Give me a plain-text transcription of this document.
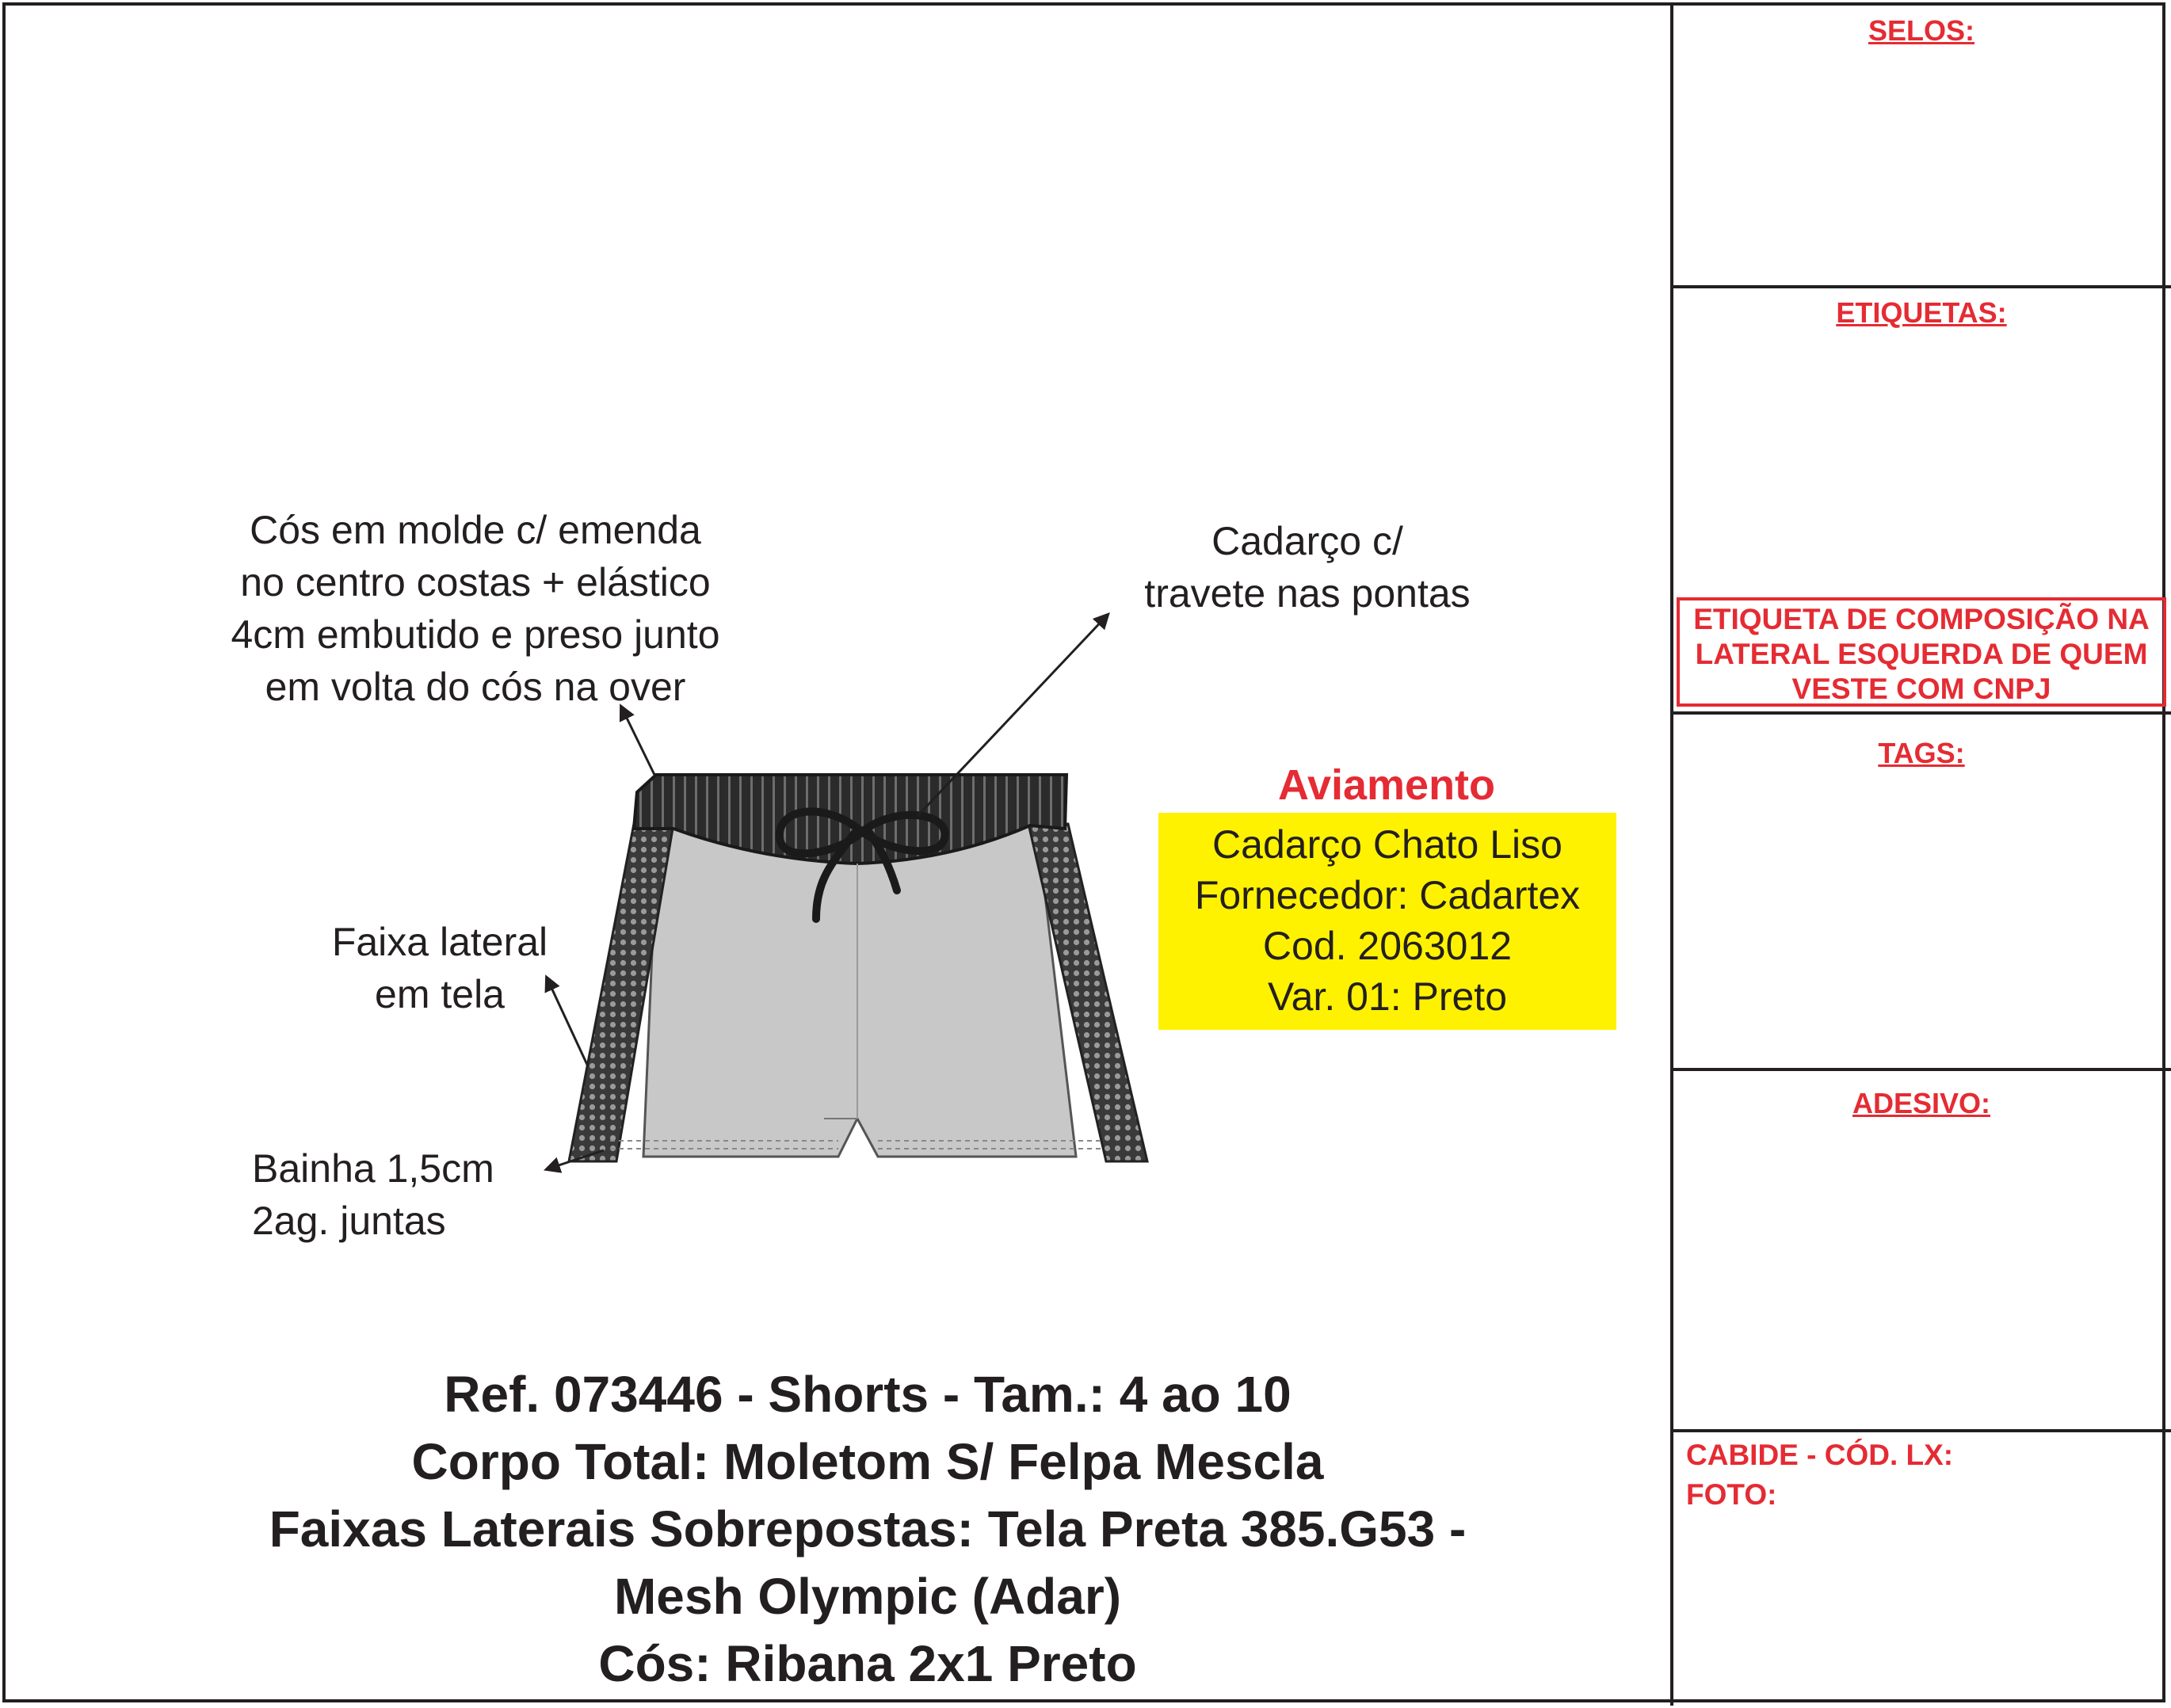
SELOS:
ETIQUETAS:
ETIQUETA DE COMPOSIÇÃO NA
LATERAL ESQUERDA DE QUEM
VESTE COM CNPJ
TAGS:
ADESIVO:
CABIDE - CÓD. LX:
FOTO:
Cós em molde c/ emenda
no centro costas + elástico
4cm embutido e preso junto
em volta do cós na over
Cadarço c/
travete nas pontas
Faixa lateral
em tela
Bainha 1,5cm
2ag. juntas
Aviamento
Cadarço Chato Liso
Fornecedor: Cadartex
Cod. 2063012
Var. 01: Preto
Ref. 073446 - Shorts - Tam.: 4 ao 10
Corpo Total: Moletom S/ Felpa Mescla
Faixas Laterais Sobrepostas: Tela Preta 385.G53 -
Mesh Olympic (Adar)
Cós: Ribana 2x1 Preto
